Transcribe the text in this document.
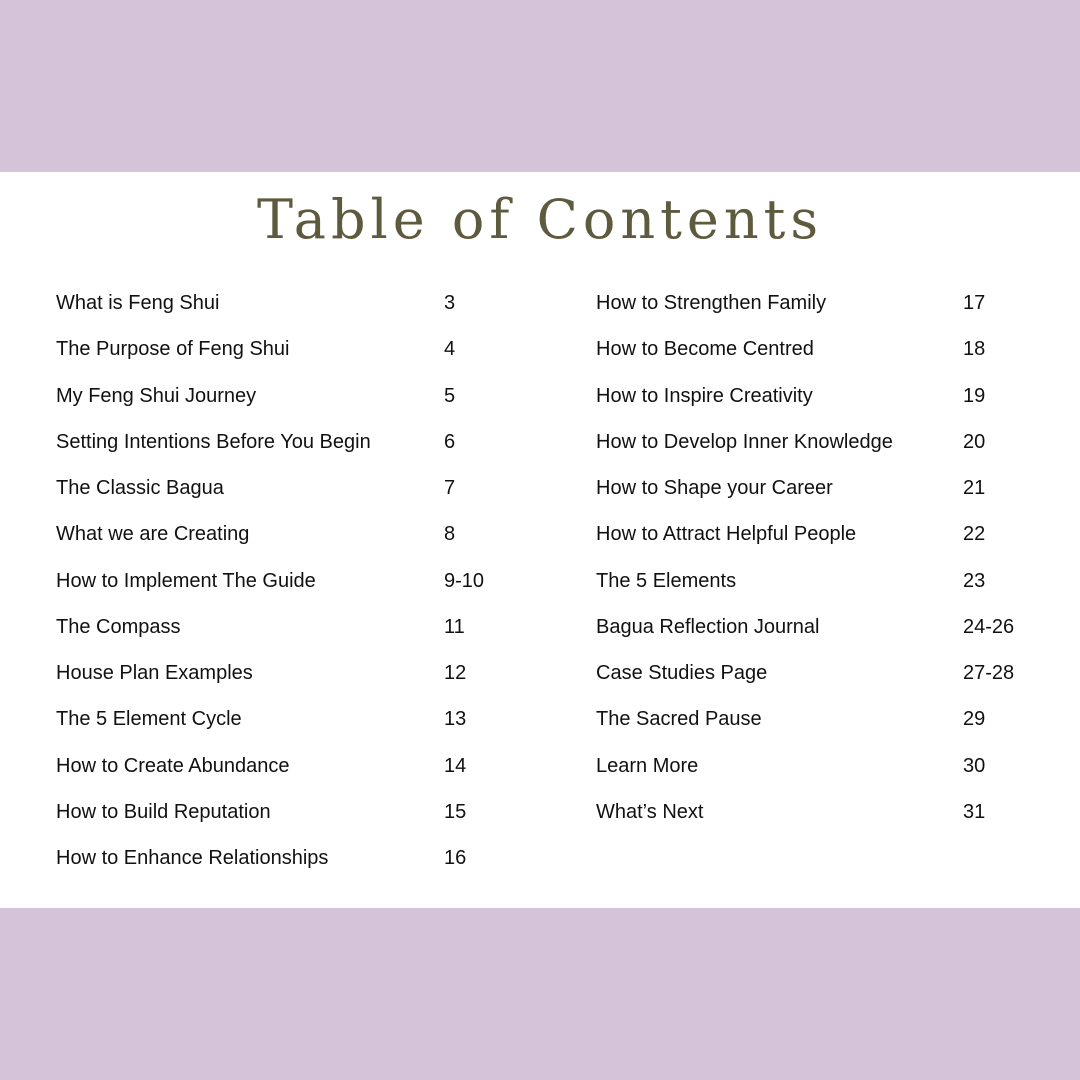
Table of Contents
What is Feng Shui	3
The Purpose of Feng Shui	4
My Feng Shui Journey	5
Setting Intentions Before You Begin	6
The Classic Bagua	7
What we are Creating	8
How to Implement The Guide	9-10
The Compass	11
House Plan Examples	12
The 5 Element Cycle	13
How to Create Abundance	14
How to Build Reputation	15
How to Enhance Relationships	16
How to Strengthen Family	17
How to Become Centred	18
How to Inspire Creativity	19
How to Develop Inner Knowledge	20
How to Shape your Career	21
How to Attract Helpful People	22
The 5 Elements	23
Bagua Reflection Journal	24-26
Case Studies Page	27-28
The Sacred Pause	29
Learn More	30
What’s Next	31
